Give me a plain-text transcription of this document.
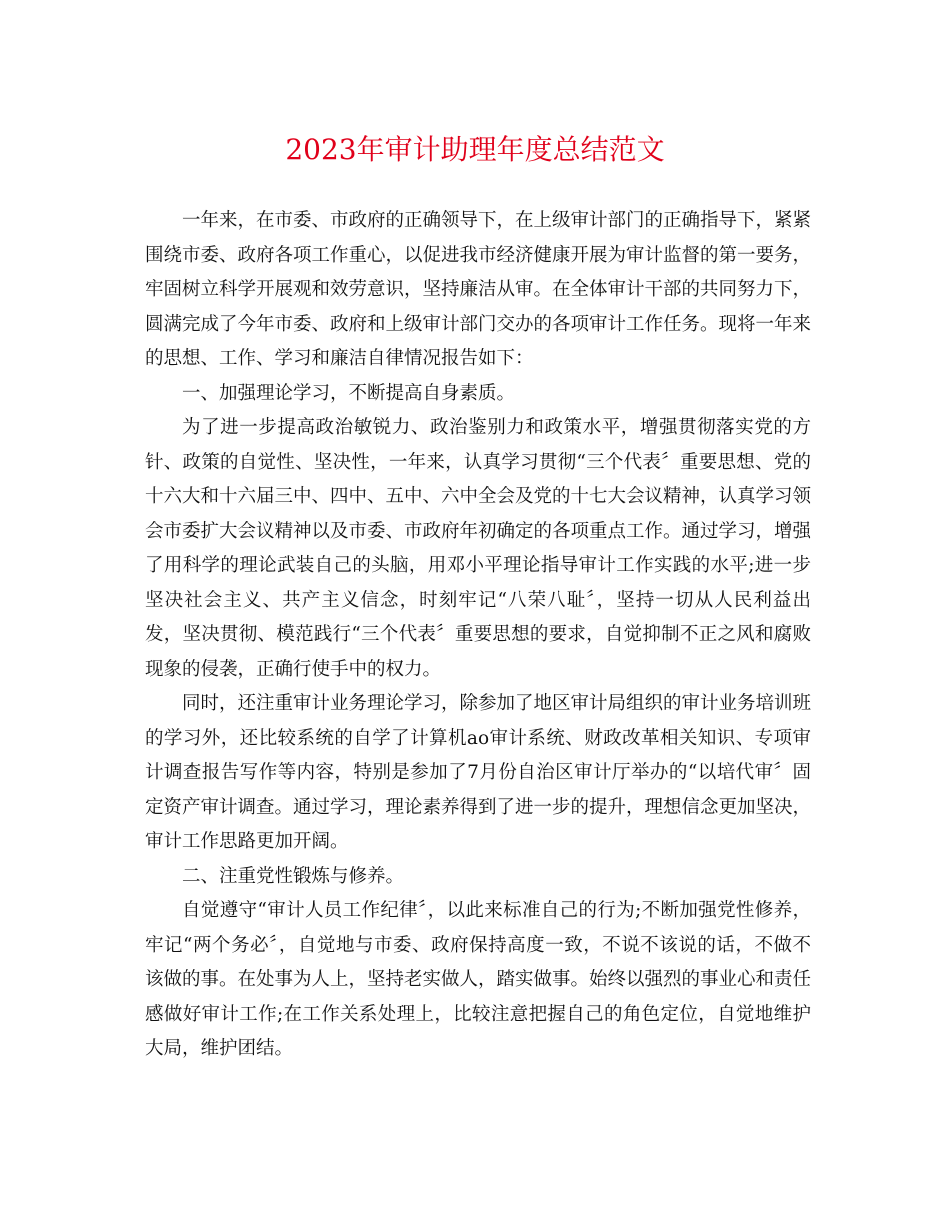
2023年审计助理年度总结范文

一年来，在市委、市政府的正确领导下，在上级审计部门的正确指导下，紧紧围绕市委、政府各项工作重心，以促进我市经济健康开展为审计监督的第一要务，牢固树立科学开展观和效劳意识，坚持廉洁从审。在全体审计干部的共同努力下，圆满完成了今年市委、政府和上级审计部门交办的各项审计工作任务。现将一年来的思想、工作、学习和廉洁自律情况报告如下：

一、加强理论学习，不断提高自身素质。

为了进一步提高政治敏锐力、政治鉴别力和政策水平，增强贯彻落实党的方针、政策的自觉性、坚决性，一年来，认真学习贯彻“三个代表〞重要思想、党的十六大和十六届三中、四中、五中、六中全会及党的十七大会议精神，认真学习领会市委扩大会议精神以及市委、市政府年初确定的各项重点工作。通过学习，增强了用科学的理论武装自己的头脑，用邓小平理论指导审计工作实践的水平;进一步坚决社会主义、共产主义信念，时刻牢记“八荣八耻〞，坚持一切从人民利益出发，坚决贯彻、模范践行“三个代表〞重要思想的要求，自觉抑制不正之风和腐败现象的侵袭，正确行使手中的权力。

同时，还注重审计业务理论学习，除参加了地区审计局组织的审计业务培训班的学习外，还比较系统的自学了计算机ao审计系统、财政改革相关知识、专项审计调查报告写作等内容，特别是参加了7月份自治区审计厅举办的“以培代审〞固定资产审计调查。通过学习，理论素养得到了进一步的提升，理想信念更加坚决，审计工作思路更加开阔。

二、注重党性锻炼与修养。

自觉遵守“审计人员工作纪律〞，以此来标准自己的行为;不断加强党性修养，牢记“两个务必〞，自觉地与市委、政府保持高度一致，不说不该说的话，不做不该做的事。在处事为人上，坚持老实做人，踏实做事。始终以强烈的事业心和责任感做好审计工作;在工作关系处理上，比较注意把握自己的角色定位，自觉地维护大局，维护团结。
